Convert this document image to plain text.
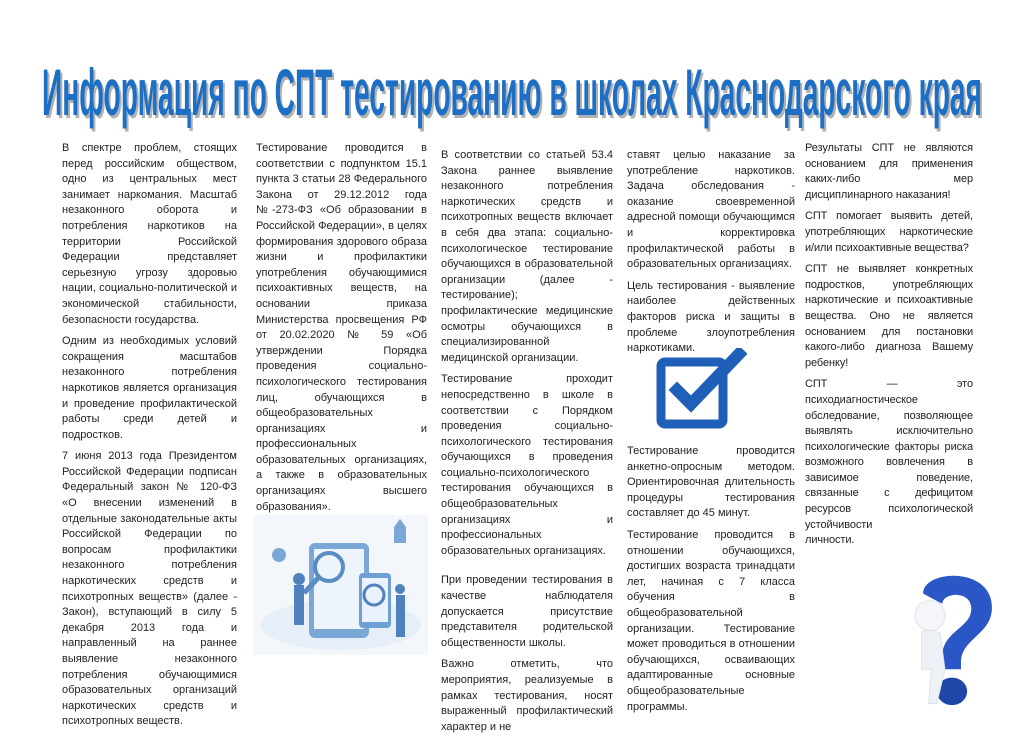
Информация по СПТ тестированию в школах Краснодарского края
Информация по СПТ тестированию в школах Краснодарского края

В спектре проблем, стоящих перед российским обществом, одно из центральных мест занимает наркомания. Масштаб незаконного оборота и потребления наркотиков на территории Российской Федерации представляет серьезную угрозу здоровью нации, социально-политической и экономической стабильности, безопасности государства.

Одним из необходимых условий сокращения масштабов незаконного потребления наркотиков является организация и проведение профилактической работы среди детей и подростков.

7 июня 2013 года Президентом Российской Федерации подписан Федеральный закон № 120-ФЗ «О внесении изменений в отдельные законодательные акты Российской Федерации по вопросам профилактики незаконного потребления наркотических средств и психотропных веществ» (далее - Закон), вступающий в силу 5 декабря 2013 года и направленный на раннее выявление незаконного потребления обучающимися образовательных организаций наркотических средств и психотропных веществ.

Тестирование проводится в соответствии с подпунктом 15.1 пункта 3 статьи 28 Федерального Закона от 29.12.2012 года №-273-ФЗ «Об образовании в Российской Федерации», в целях формирования здорового образа жизни и профилактики употребления обучающимися психоактивных веществ, на основании приказа Министерства просвещения РФ от 20.02.2020 № 59 «Об утверждении Порядка проведения социально-психологического тестирования лиц, обучающихся в общеобразовательных организациях и профессиональных образовательных организациях, а также в образовательных организациях высшего образования».

В соответствии со статьей 53.4 Закона раннее выявление незаконного потребления наркотических средств и психотропных веществ включает в себя два этапа: социально-психологическое тестирование обучающихся в образовательной организации (далее - тестирование); профилактические медицинские осмотры обучающихся в специализированной медицинской организации.

Тестирование проходит непосредственно в школе в соответствии с Порядком проведения социально-психологического тестирования обучающихся в проведения социально-психологического тестирования обучающихся в общеобразовательных организациях и профессиональных образовательных организациях.

При проведении тестирования в качестве наблюдателя допускается присутствие представителя родительской общественности школы.

Важно отметить, что мероприятия, реализуемые в рамках тестирования, носят выраженный профилактический характер и не

ставят целью наказание за употребление наркотиков. Задача обследования - оказание своевременной адресной помощи обучающимся и корректировка профилактической работы в образовательных организациях.

Цель тестирования - выявление наиболее действенных факторов риска и защиты в проблеме злоупотребления наркотиками.

Тестирование проводится анкетно-опросным методом. Ориентировочная длительность процедуры тестирования составляет до 45 минут.

Тестирование проводится в отношении обучающихся, достигших возраста тринадцати лет, начиная с 7 класса обучения в общеобразовательной организации. Тестирование может проводиться в отношении обучающихся, осваивающих адаптированные основные общеобразовательные программы.

Результаты СПТ не являются основанием для применения каких-либо мер дисциплинарного наказания!

СПТ помогает выявить детей, употребляющих наркотические и/или психоактивные вещества?

СПТ не выявляет конкретных подростков, употребляющих наркотические и психоактивные вещества. Оно не является основанием для постановки какого-либо диагноза Вашему ребенку!

СПТ — это психодиагностическое обследование, позволяющее выявлять исключительно психологические факторы риска возможного вовлечения в зависимое поведение, связанные с дефицитом ресурсов психологической устойчивости

личности.
